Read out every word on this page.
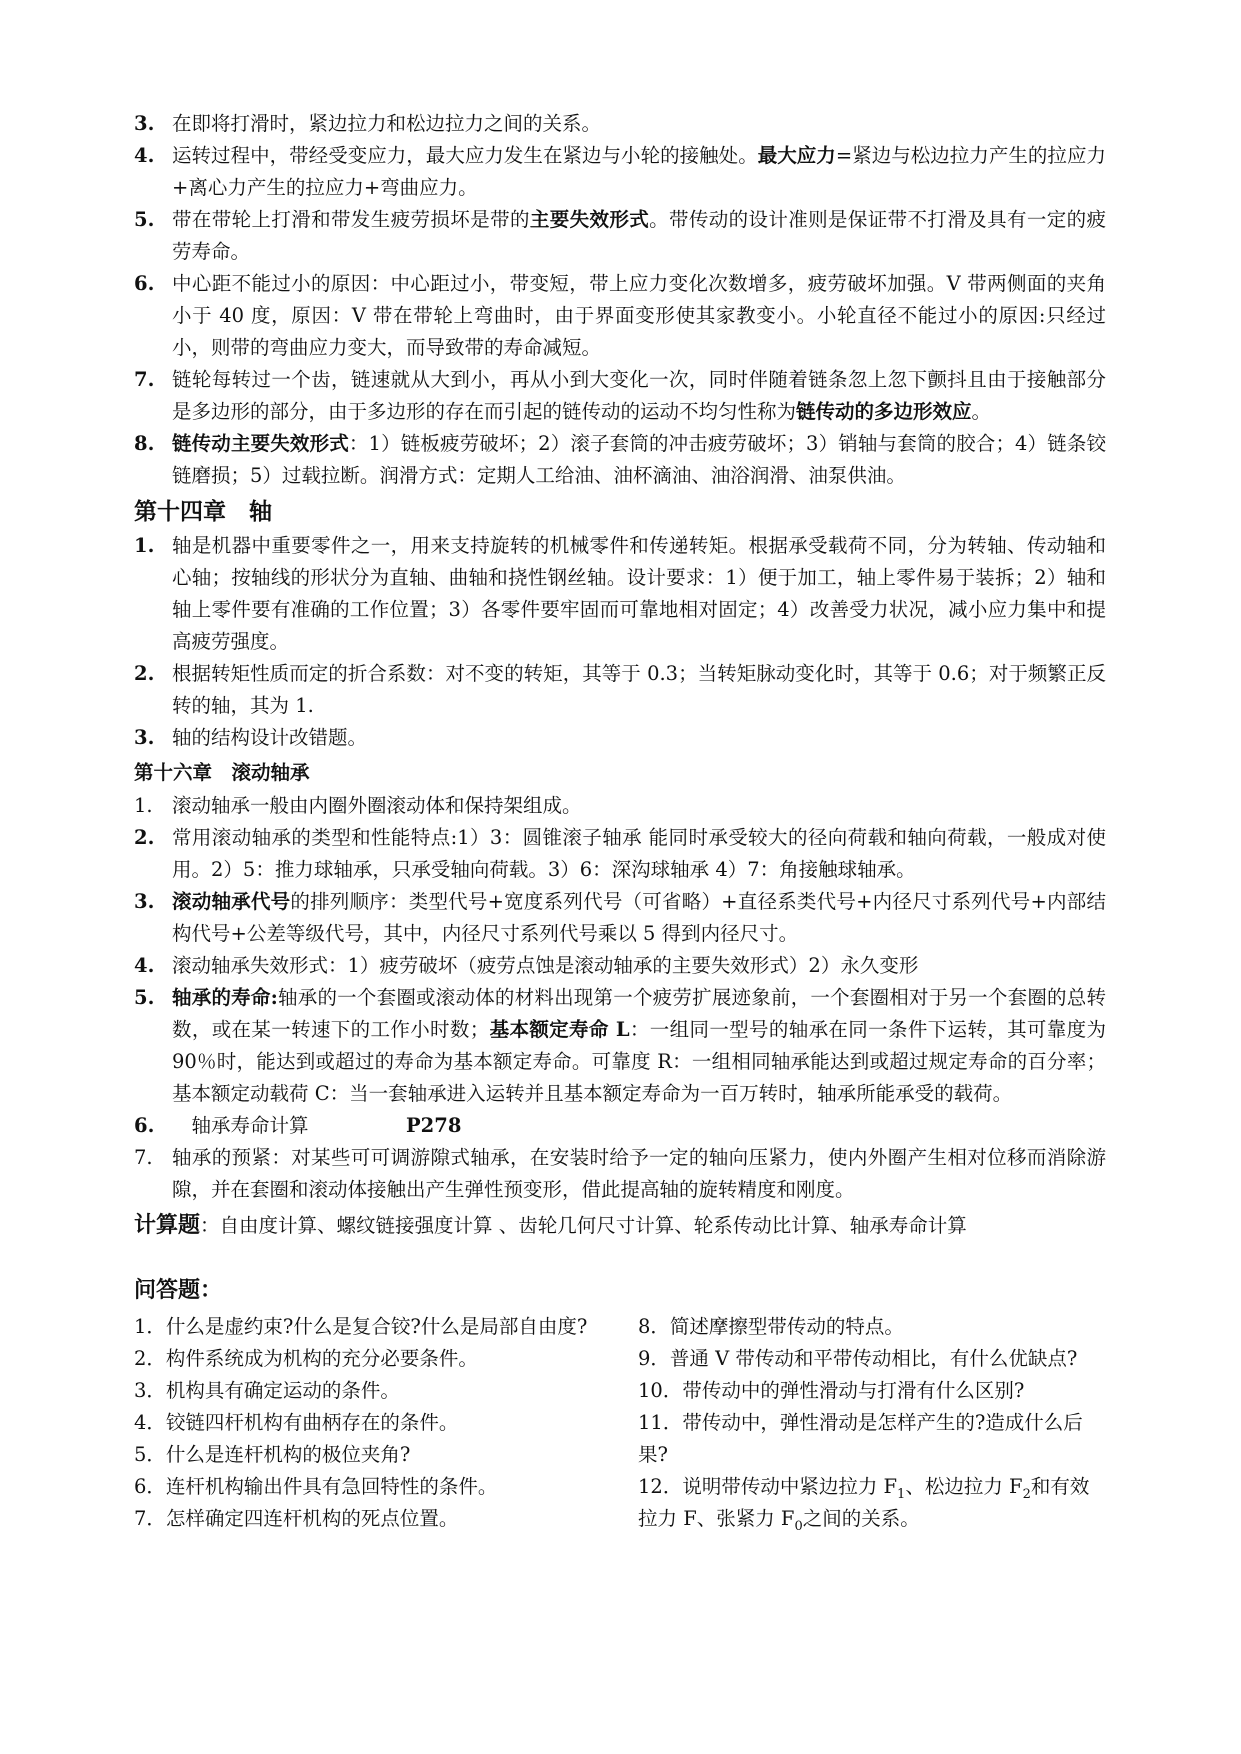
3. 在即将打滑时，紧边拉力和松边拉力之间的关系。
4. 运转过程中，带经受变应力，最大应力发生在紧边与小轮的接触处。最大应力=紧边与松边拉力产生的拉应力+离心力产生的拉应力+弯曲应力。
5. 带在带轮上打滑和带发生疲劳损坏是带的主要失效形式。带传动的设计准则是保证带不打滑及具有一定的疲劳寿命。
6. 中心距不能过小的原因：中心距过小，带变短，带上应力变化次数增多，疲劳破坏加强。V 带两侧面的夹角小于 40 度，原因：V 带在带轮上弯曲时，由于界面变形使其家教变小。小轮直径不能过小的原因:只经过小，则带的弯曲应力变大，而导致带的寿命减短。
7. 链轮每转过一个齿，链速就从大到小，再从小到大变化一次，同时伴随着链条忽上忽下颤抖且由于接触部分是多边形的部分，由于多边形的存在而引起的链传动的运动不均匀性称为链传动的多边形效应。
8. 链传动主要失效形式：1）链板疲劳破坏；2）滚子套筒的冲击疲劳破坏；3）销轴与套筒的胶合；4）链条铰链磨损；5）过载拉断。润滑方式：定期人工给油、油杯滴油、油浴润滑、油泵供油。
第十四章　轴
1. 轴是机器中重要零件之一，用来支持旋转的机械零件和传递转矩。根据承受载荷不同，分为转轴、传动轴和心轴；按轴线的形状分为直轴、曲轴和挠性钢丝轴。设计要求：1）便于加工，轴上零件易于装拆；2）轴和轴上零件要有准确的工作位置；3）各零件要牢固而可靠地相对固定；4）改善受力状况，减小应力集中和提高疲劳强度。
2. 根据转矩性质而定的折合系数：对不变的转矩，其等于 0.3；当转矩脉动变化时，其等于 0.6；对于频繁正反转的轴，其为 1.
3. 轴的结构设计改错题。
第十六章　滚动轴承
1. 滚动轴承一般由内圈外圈滚动体和保持架组成。
2. 常用滚动轴承的类型和性能特点:1）3：圆锥滚子轴承 能同时承受较大的径向荷载和轴向荷载，一般成对使用。2）5：推力球轴承，只承受轴向荷载。3）6：深沟球轴承 4）7：角接触球轴承。
3. 滚动轴承代号的排列顺序：类型代号+宽度系列代号（可省略）+直径系类代号+内径尺寸系列代号+内部结构代号+公差等级代号，其中，内径尺寸系列代号乘以 5 得到内径尺寸。
4. 滚动轴承失效形式：1）疲劳破坏（疲劳点蚀是滚动轴承的主要失效形式）2）永久变形
5. 轴承的寿命:轴承的一个套圈或滚动体的材料出现第一个疲劳扩展迹象前，一个套圈相对于另一个套圈的总转数，或在某一转速下的工作小时数；基本额定寿命 L：一组同一型号的轴承在同一条件下运转，其可靠度为 90％时，能达到或超过的寿命为基本额定寿命。可靠度 R：一组相同轴承能达到或超过规定寿命的百分率；基本额定动载荷 C：当一套轴承进入运转并且基本额定寿命为一百万转时，轴承所能承受的载荷。
6. 　轴承寿命计算　　　　　P278
7. 轴承的预紧：对某些可可调游隙式轴承，在安装时给予一定的轴向压紧力，使内外圈产生相对位移而消除游隙，并在套圈和滚动体接触出产生弹性预变形，借此提高轴的旋转精度和刚度。
计算题：自由度计算、螺纹链接强度计算 、齿轮几何尺寸计算、轮系传动比计算、轴承寿命计算
问答题：
1．什么是虚约束?什么是复合铰?什么是局部自由度?
2．构件系统成为机构的充分必要条件。
3．机构具有确定运动的条件。
4．铰链四杆机构有曲柄存在的条件。
5．什么是连杆机构的极位夹角?
6．连杆机构输出件具有急回特性的条件。
7．怎样确定四连杆机构的死点位置。
8．简述摩擦型带传动的特点。
9．普通 V 带传动和平带传动相比，有什么优缺点?
10．带传动中的弹性滑动与打滑有什么区别?
11．带传动中，弹性滑动是怎样产生的?造成什么后果?
12．说明带传动中紧边拉力 $F_1$、松边拉力 $F_2$和有效拉力 F、张紧力 $F_0$之间的关系。
